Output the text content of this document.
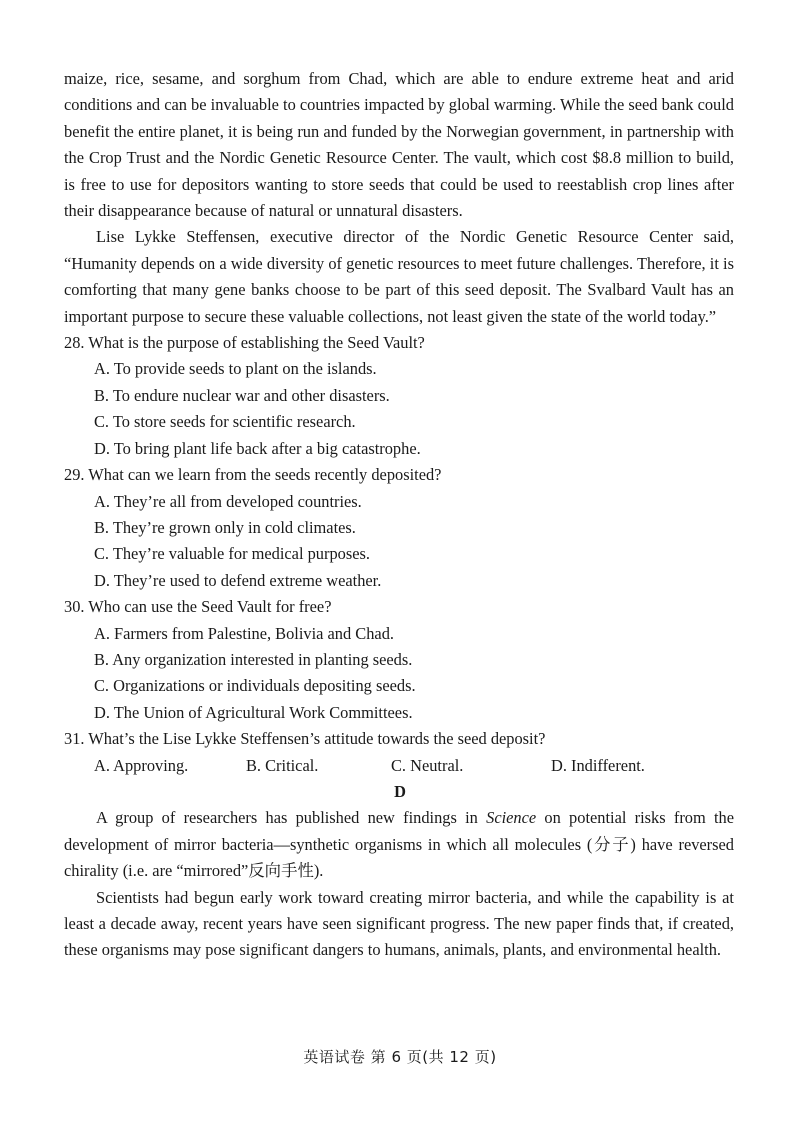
maize, rice, sesame, and sorghum from Chad, which are able to endure extreme heat and arid conditions and can be invaluable to countries impacted by global warming. While the seed bank could benefit the entire planet, it is being run and funded by the Norwegian government, in partnership with the Crop Trust and the Nordic Genetic Resource Center. The vault, which cost $8.8 million to build, is free to use for depositors wanting to store seeds that could be used to reestablish crop lines after their disappearance because of natural or unnatural disasters.

Lise Lykke Steffensen, executive director of the Nordic Genetic Resource Center said, “Humanity depends on a wide diversity of genetic resources to meet future challenges. Therefore, it is comforting that many gene banks choose to be part of this seed deposit. The Svalbard Vault has an important purpose to secure these valuable collections, not least given the state of the world today.”

28. What is the purpose of establishing the Seed Vault?

A. To provide seeds to plant on the islands.

B. To endure nuclear war and other disasters.

C. To store seeds for scientific research.

D. To bring plant life back after a big catastrophe.

29. What can we learn from the seeds recently deposited?

A. They’re all from developed countries.

B. They’re grown only in cold climates.

C. They’re valuable for medical purposes.

D. They’re used to defend extreme weather.

30. Who can use the Seed Vault for free?

A. Farmers from Palestine, Bolivia and Chad.

B. Any organization interested in planting seeds.

C. Organizations or individuals depositing seeds.

D. The Union of Agricultural Work Committees.

31. What’s the Lise Lykke Steffensen’s attitude towards the seed deposit?

A. Approving.	B. Critical.	C. Neutral.	D. Indifferent.

D

A group of researchers has published new findings in Science on potential risks from the development of mirror bacteria—synthetic organisms in which all molecules (分子) have reversed chirality (i.e. are “mirrored”反向手性).

Scientists had begun early work toward creating mirror bacteria, and while the capability is at least a decade away, recent years have seen significant progress. The new paper finds that, if created, these organisms may pose significant dangers to humans, animals, plants, and environmental health.

英语试卷 第 6 页(共 12 页)
